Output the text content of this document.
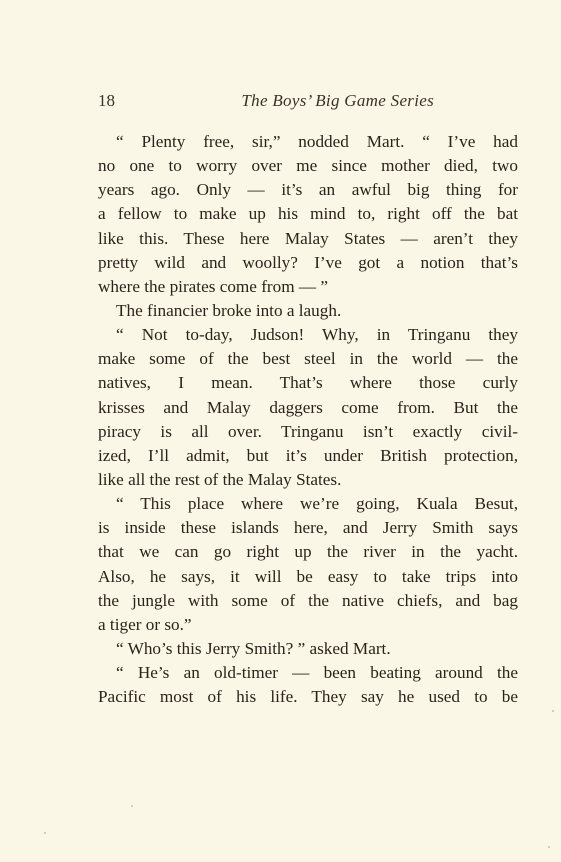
18	The Boys’ Big Game Series
“ Plenty free, sir,” nodded Mart. “ I’ve had
no one to worry over me since mother died, two
years ago. Only — it’s an awful big thing for
a fellow to make up his mind to, right off the bat
like this. These here Malay States — aren’t they
pretty wild and woolly? I’ve got a notion that’s
where the pirates come from — ”
The financier broke into a laugh.
“ Not to-day, Judson! Why, in Tringanu they
make some of the best steel in the world — the
natives, I mean. That’s where those curly
krisses and Malay daggers come from. But the
piracy is all over. Tringanu isn’t exactly civil-
ized, I’ll admit, but it’s under British protection,
like all the rest of the Malay States.
“ This place where we’re going, Kuala Besut,
is inside these islands here, and Jerry Smith says
that we can go right up the river in the yacht.
Also, he says, it will be easy to take trips into
the jungle with some of the native chiefs, and bag
a tiger or so.”
“ Who’s this Jerry Smith? ” asked Mart.
“ He’s an old-timer — been beating around the
Pacific most of his life. They say he used to be
